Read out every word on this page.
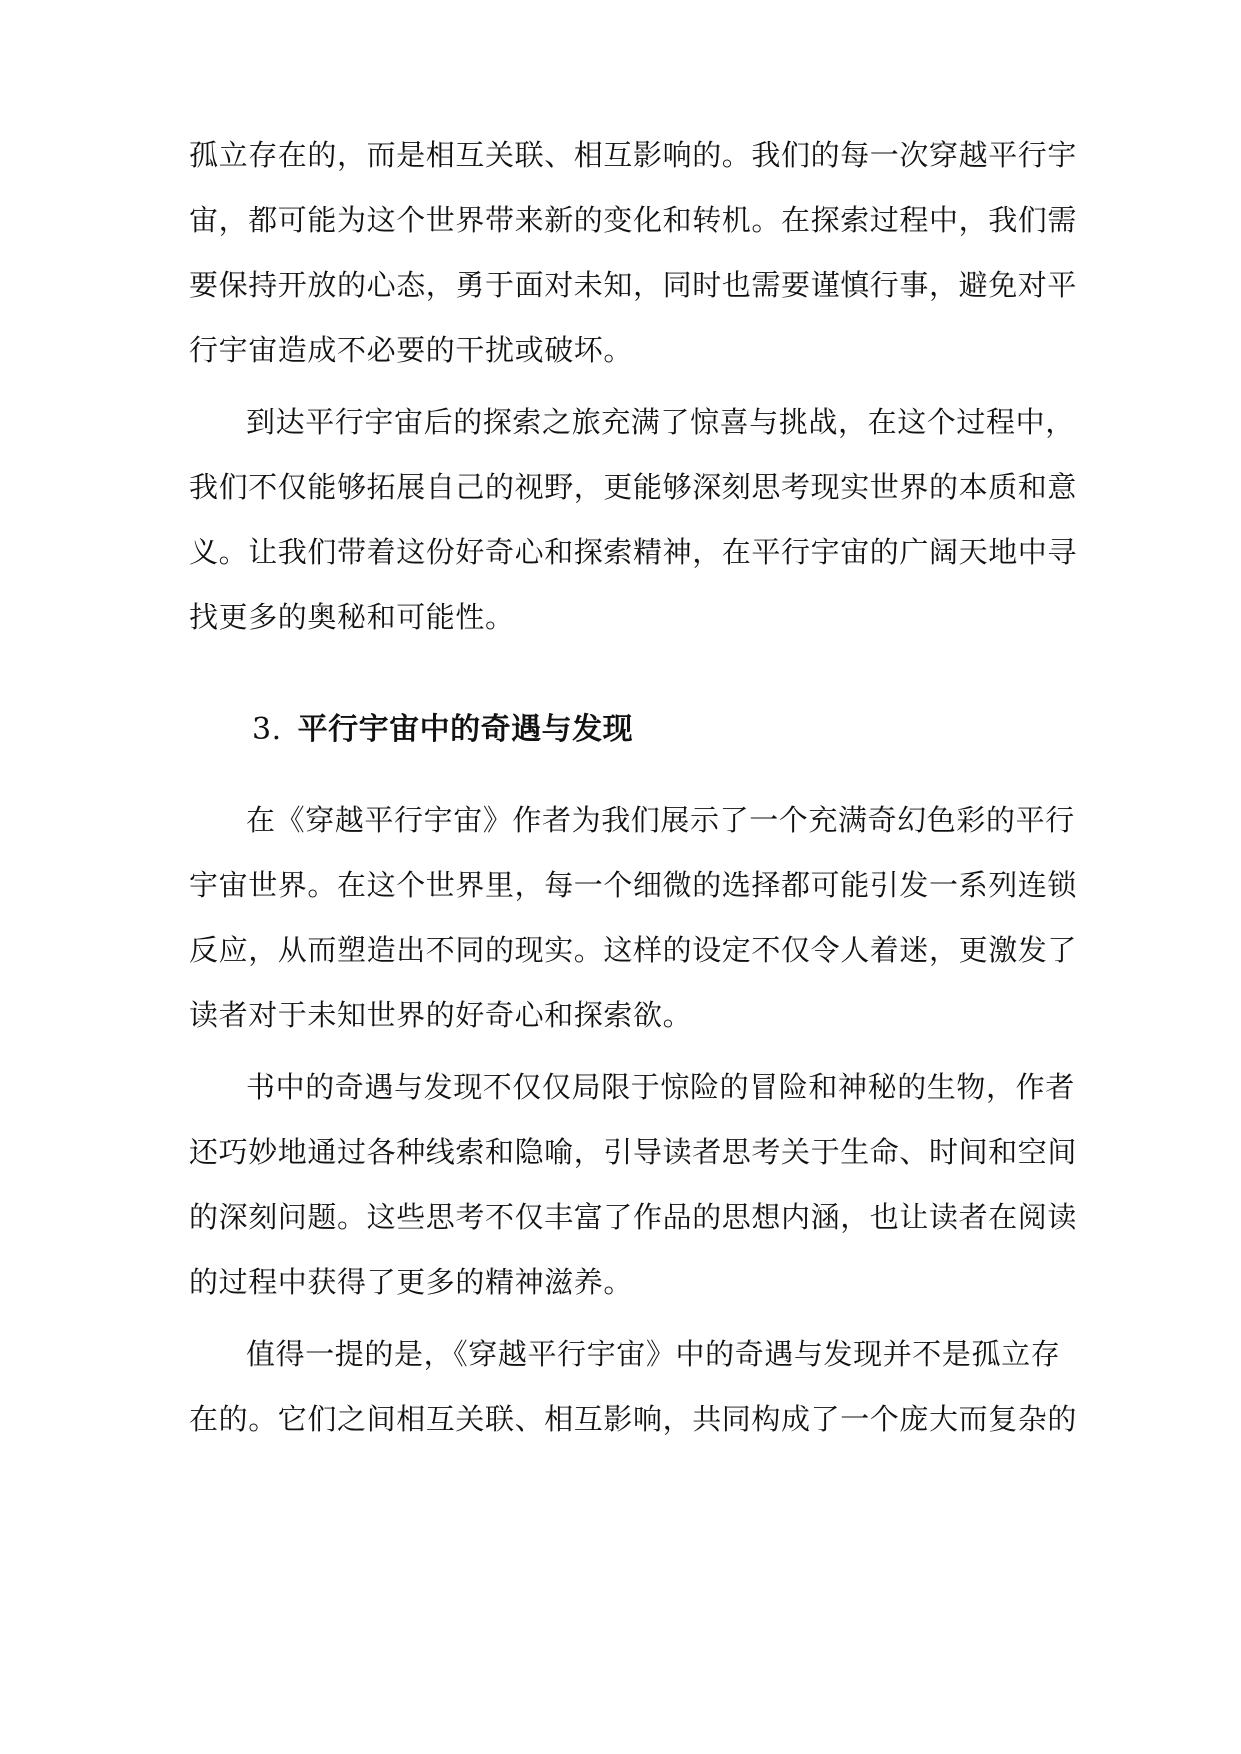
孤立存在的，而是相互关联、相互影响的。我们的每一次穿越平行宇
宙，都可能为这个世界带来新的变化和转机。在探索过程中，我们需
要保持开放的心态，勇于面对未知，同时也需要谨慎行事，避免对平
行宇宙造成不必要的干扰或破坏。
到达平行宇宙后的探索之旅充满了惊喜与挑战，在这个过程中，
我们不仅能够拓展自己的视野，更能够深刻思考现实世界的本质和意
义。让我们带着这份好奇心和探索精神，在平行宇宙的广阔天地中寻
找更多的奥秘和可能性。
3. 平行宇宙中的奇遇与发现
在《穿越平行宇宙》作者为我们展示了一个充满奇幻色彩的平行
宇宙世界。在这个世界里，每一个细微的选择都可能引发一系列连锁
反应，从而塑造出不同的现实。这样的设定不仅令人着迷，更激发了
读者对于未知世界的好奇心和探索欲。
书中的奇遇与发现不仅仅局限于惊险的冒险和神秘的生物，作者
还巧妙地通过各种线索和隐喻，引导读者思考关于生命、时间和空间
的深刻问题。这些思考不仅丰富了作品的思想内涵，也让读者在阅读
的过程中获得了更多的精神滋养。
值得一提的是，《穿越平行宇宙》中的奇遇与发现并不是孤立存
在的。它们之间相互关联、相互影响，共同构成了一个庞大而复杂的
